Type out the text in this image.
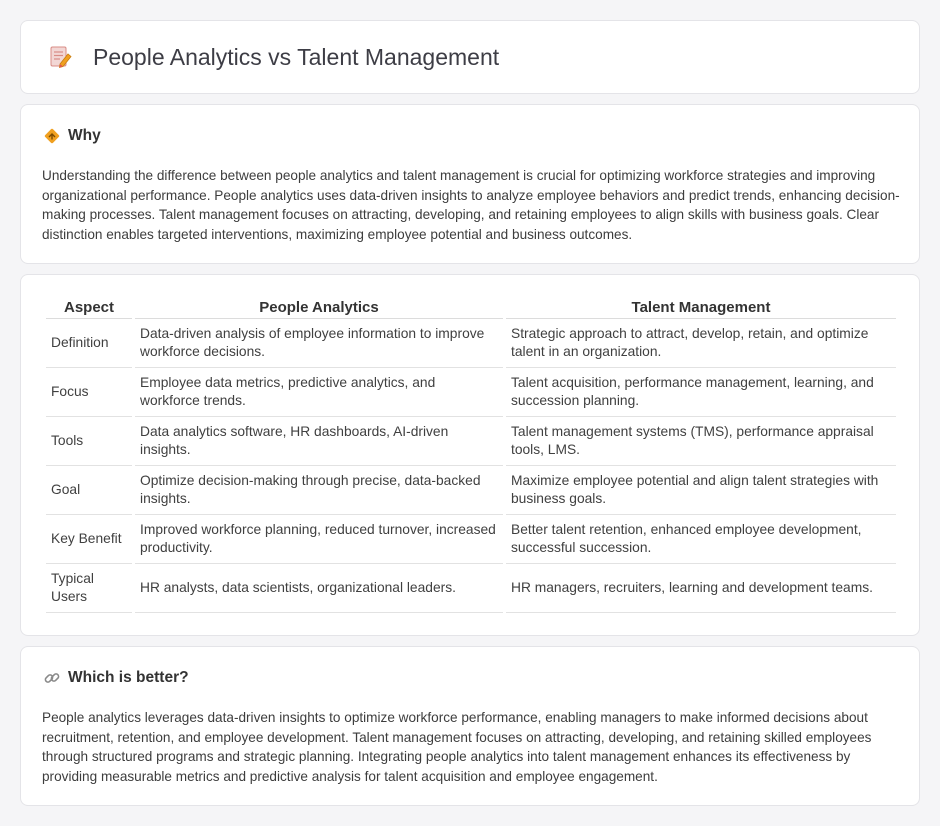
People Analytics vs Talent Management
Why

Understanding the difference between people analytics and talent management is crucial for optimizing workforce strategies and improving organizational performance. People analytics uses data-driven insights to analyze employee behaviors and predict trends, enhancing decision-making processes. Talent management focuses on attracting, developing, and retaining employees to align skills with business goals. Clear distinction enables targeted interventions, maximizing employee potential and business outcomes.

Aspect	People Analytics	Talent Management
Definition	Data-driven analysis of employee information to improve workforce decisions.	Strategic approach to attract, develop, retain, and optimize talent in an organization.
Focus	Employee data metrics, predictive analytics, and workforce trends.	Talent acquisition, performance management, learning, and succession planning.
Tools	Data analytics software, HR dashboards, AI-driven insights.	Talent management systems (TMS), performance appraisal tools, LMS.
Goal	Optimize decision-making through precise, data-backed insights.	Maximize employee potential and align talent strategies with business goals.
Key Benefit	Improved workforce planning, reduced turnover, increased productivity.	Better talent retention, enhanced employee development, successful succession.
Typical Users	HR analysts, data scientists, organizational leaders.	HR managers, recruiters, learning and development teams.
Which is better?

People analytics leverages data-driven insights to optimize workforce performance, enabling managers to make informed decisions about recruitment, retention, and employee development. Talent management focuses on attracting, developing, and retaining skilled employees through structured programs and strategic planning. Integrating people analytics into talent management enhances its effectiveness by providing measurable metrics and predictive analysis for talent acquisition and employee engagement.
